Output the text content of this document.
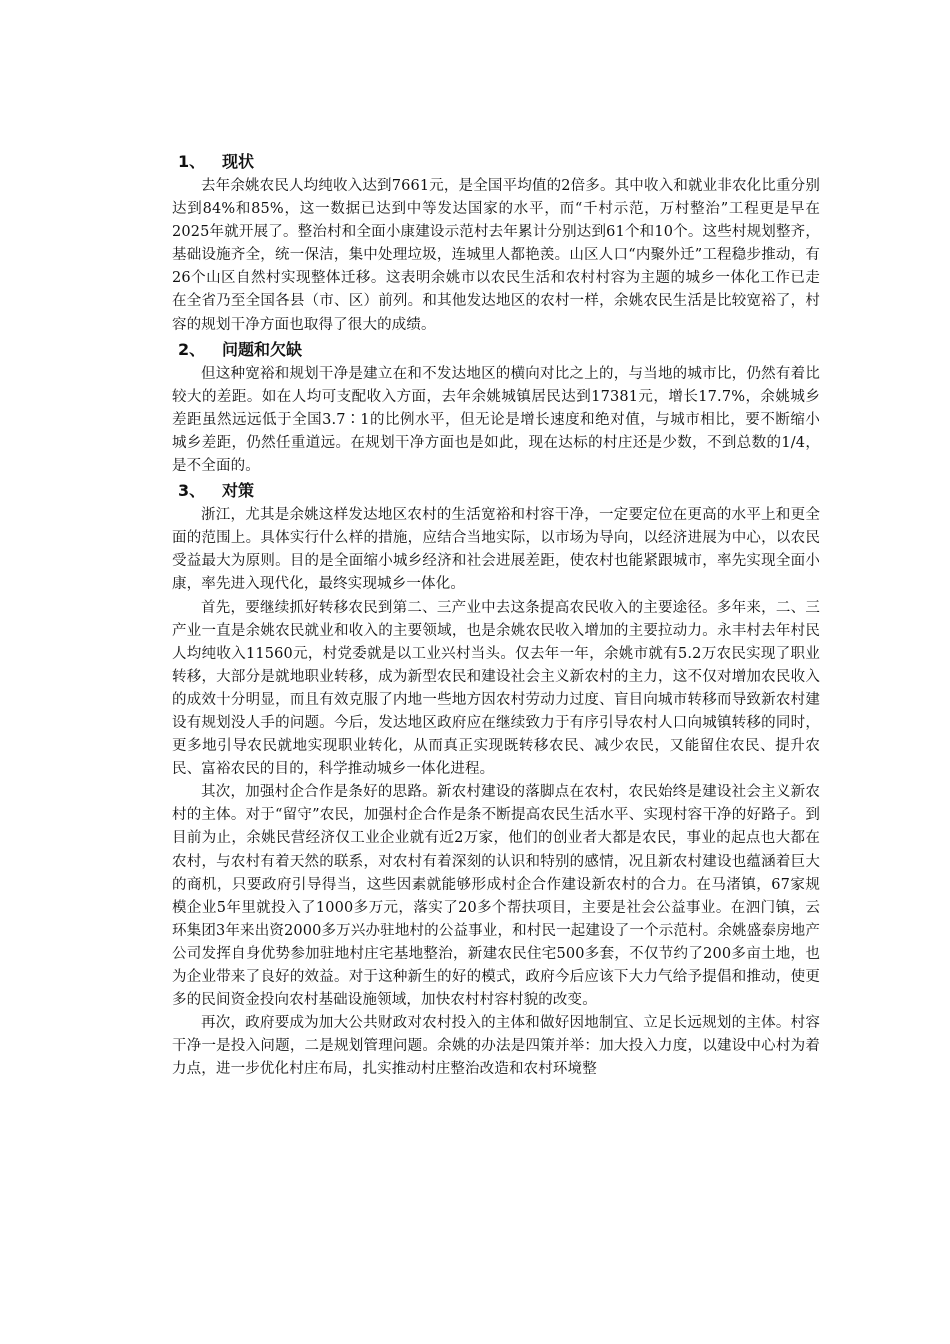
1、 现状

去年余姚农民人均纯收入达到7661元，是全国平均值的2倍多。其中收入和就业非农化比重分别达到84%和85%，这一数据已达到中等发达国家的水平，而“千村示范，万村整治”工程更是早在2025年就开展了。整治村和全面小康建设示范村去年累计分别达到61个和10个。这些村规划整齐，基础设施齐全，统一保洁，集中处理垃圾，连城里人都艳羡。山区人口“内聚外迁”工程稳步推动，有26个山区自然村实现整体迁移。这表明余姚市以农民生活和农村村容为主题的城乡一体化工作已走在全省乃至全国各县（市、区）前列。和其他发达地区的农村一样，余姚农民生活是比较宽裕了，村容的规划干净方面也取得了很大的成绩。

2、 问题和欠缺

但这种宽裕和规划干净是建立在和不发达地区的横向对比之上的，与当地的城市比，仍然有着比较大的差距。如在人均可支配收入方面，去年余姚城镇居民达到17381元，增长17.7%，余姚城乡差距虽然远远低于全国3.7∶1的比例水平，但无论是增长速度和绝对值，与城市相比，要不断缩小城乡差距，仍然任重道远。在规划干净方面也是如此，现在达标的村庄还是少数，不到总数的1/4，是不全面的。

3、 对策

浙江，尤其是余姚这样发达地区农村的生活宽裕和村容干净，一定要定位在更高的水平上和更全面的范围上。具体实行什么样的措施，应结合当地实际，以市场为导向，以经济进展为中心，以农民受益最大为原则。目的是全面缩小城乡经济和社会进展差距，使农村也能紧跟城市，率先实现全面小康，率先进入现代化，最终实现城乡一体化。

首先，要继续抓好转移农民到第二、三产业中去这条提高农民收入的主要途径。多年来，二、三产业一直是余姚农民就业和收入的主要领域，也是余姚农民收入增加的主要拉动力。永丰村去年村民人均纯收入11560元，村党委就是以工业兴村当头。仅去年一年，余姚市就有5.2万农民实现了职业转移，大部分是就地职业转移，成为新型农民和建设社会主义新农村的主力，这不仅对增加农民收入的成效十分明显，而且有效克服了内地一些地方因农村劳动力过度、盲目向城市转移而导致新农村建设有规划没人手的问题。今后，发达地区政府应在继续致力于有序引导农村人口向城镇转移的同时，更多地引导农民就地实现职业转化，从而真正实现既转移农民、减少农民，又能留住农民、提升农民、富裕农民的目的，科学推动城乡一体化进程。

其次，加强村企合作是条好的思路。新农村建设的落脚点在农村，农民始终是建设社会主义新农村的主体。对于“留守”农民，加强村企合作是条不断提高农民生活水平、实现村容干净的好路子。到目前为止，余姚民营经济仅工业企业就有近2万家，他们的创业者大都是农民，事业的起点也大都在农村，与农村有着天然的联系，对农村有着深刻的认识和特别的感情，况且新农村建设也蕴涵着巨大的商机，只要政府引导得当，这些因素就能够形成村企合作建设新农村的合力。在马渚镇，67家规模企业5年里就投入了1000多万元，落实了20多个帮扶项目，主要是社会公益事业。在泗门镇，云环集团3年来出资2000多万兴办驻地村的公益事业，和村民一起建设了一个示范村。余姚盛泰房地产公司发挥自身优势参加驻地村庄宅基地整治，新建农民住宅500多套，不仅节约了200多亩土地，也为企业带来了良好的效益。对于这种新生的好的模式，政府今后应该下大力气给予提倡和推动，使更多的民间资金投向农村基础设施领域，加快农村村容村貌的改变。

再次，政府要成为加大公共财政对农村投入的主体和做好因地制宜、立足长远规划的主体。村容干净一是投入问题，二是规划管理问题。余姚的办法是四策并举：加大投入力度，以建设中心村为着力点，进一步优化村庄布局，扎实推动村庄整治改造和农村环境整
